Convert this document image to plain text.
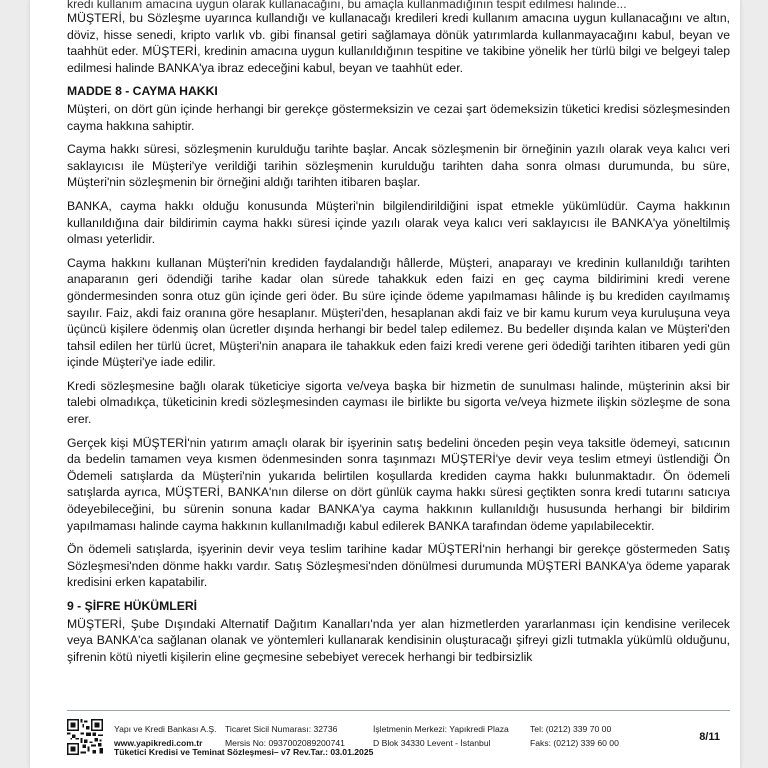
kredi kullanım amacına uygun olarak kullanacağını, bu amaçla kullanmadığının tespit edilmesi halinde...

MÜŞTERİ, bu Sözleşme uyarınca kullandığı ve kullanacağı kredileri kredi kullanım amacına uygun kullanacağını ve altın, döviz, hisse senedi, kripto varlık vb. gibi finansal getiri sağlamaya dönük yatırımlarda kullanmayacağını kabul, beyan ve taahhüt eder. MÜŞTERİ, kredinin amacına uygun kullanıldığının tespitine ve takibine yönelik her türlü bilgi ve belgeyi talep edilmesi halinde BANKA'ya ibraz edeceğini kabul, beyan ve taahhüt eder.

MADDE 8 - CAYMA HAKKI

Müşteri, on dört gün içinde herhangi bir gerekçe göstermeksizin ve cezai şart ödemeksizin tüketici kredisi sözleşmesinden cayma hakkına sahiptir.

Cayma hakkı süresi, sözleşmenin kurulduğu tarihte başlar. Ancak sözleşmenin bir örneğinin yazılı olarak veya kalıcı veri saklayıcısı ile Müşteri'ye verildiği tarihin sözleşmenin kurulduğu tarihten daha sonra olması durumunda, bu süre, Müşteri'nin sözleşmenin bir örneğini aldığı tarihten itibaren başlar.

BANKA, cayma hakkı olduğu konusunda Müşteri'nin bilgilendirildiğini ispat etmekle yükümlüdür. Cayma hakkının kullanıldığına dair bildirimin cayma hakkı süresi içinde yazılı olarak veya kalıcı veri saklayıcısı ile BANKA'ya yöneltilmiş olması yeterlidir.

Cayma hakkını kullanan Müşteri'nin krediden faydalandığı hâllerde, Müşteri, anaparayı ve kredinin kullanıldığı tarihten anaparanın geri ödendiği tarihe kadar olan sürede tahakkuk eden faizi en geç cayma bildirimini kredi verene göndermesinden sonra otuz gün içinde geri öder. Bu süre içinde ödeme yapılmaması hâlinde iş bu krediden cayılmamış sayılır. Faiz, akdi faiz oranına göre hesaplanır. Müşteri'den, hesaplanan akdi faiz ve bir kamu kurum veya kuruluşuna veya üçüncü kişilere ödenmiş olan ücretler dışında herhangi bir bedel talep edilemez. Bu bedeller dışında kalan ve Müşteri'den tahsil edilen her türlü ücret, Müşteri'nin anapara ile tahakkuk eden faizi kredi verene geri ödediği tarihten itibaren yedi gün içinde Müşteri'ye iade edilir.

Kredi sözleşmesine bağlı olarak tüketiciye sigorta ve/veya başka bir hizmetin de sunulması halinde, müşterinin aksi bir talebi olmadıkça, tüketicinin kredi sözleşmesinden cayması ile birlikte bu sigorta ve/veya hizmete ilişkin sözleşme de sona erer.

Gerçek kişi MÜŞTERİ'nin yatırım amaçlı olarak bir işyerinin satış bedelini önceden peşin veya taksitle ödemeyi, satıcının da bedelin tamamen veya kısmen ödenmesinden sonra taşınmazı MÜŞTERİ'ye devir veya teslim etmeyi üstlendiği Ön Ödemeli satışlarda da Müşteri'nin yukarıda belirtilen koşullarda krediden cayma hakkı bulunmaktadır. Ön ödemeli satışlarda ayrıca, MÜŞTERİ, BANKA'nın dilerse on dört günlük cayma hakkı süresi geçtikten sonra kredi tutarını satıcıya ödeyebileceğini, bu sürenin sonuna kadar BANKA'ya cayma hakkının kullanıldığı hususunda herhangi bir bildirim yapılmaması halinde cayma hakkının kullanılmadığı kabul edilerek BANKA tarafından ödeme yapılabilecektir.

Ön ödemeli satışlarda, işyerinin devir veya teslim tarihine kadar MÜŞTERİ'nin herhangi bir gerekçe göstermeden Satış Sözleşmesi'nden dönme hakkı vardır. Satış Sözleşmesi'nden dönülmesi durumunda MÜŞTERİ BANKA'ya ödeme yaparak kredisini erken kapatabilir.

9 - ŞİFRE HÜKÜMLERİ

MÜŞTERİ, Şube Dışındaki Alternatif Dağıtım Kanalları'nda yer alan hizmetlerden yararlanması için kendisine verilecek veya BANKA'ca sağlanan olanak ve yöntemleri kullanarak kendisinin oluşturacağı şifreyi gizli tutmakla yükümlü olduğunu, şifrenin kötü niyetli kişilerin eline geçmesine sebebiyet verecek herhangi bir tedbirsizlik

Yapı ve Kredi Bankası A.Ş.
www.yapikredi.com.tr
Ticaret Sicil Numarası: 32736
Mersis No: 0937002089200741
İşletmenin Merkezi: Yapıkredi Plaza
D Blok 34330 Levent - İstanbul
Tel: (0212) 339 70 00
Faks: (0212) 339 60 00	8/11
Tüketici Kredisi ve Teminat Sözleşmesi– v7 Rev.Tar.: 03.01.2025
